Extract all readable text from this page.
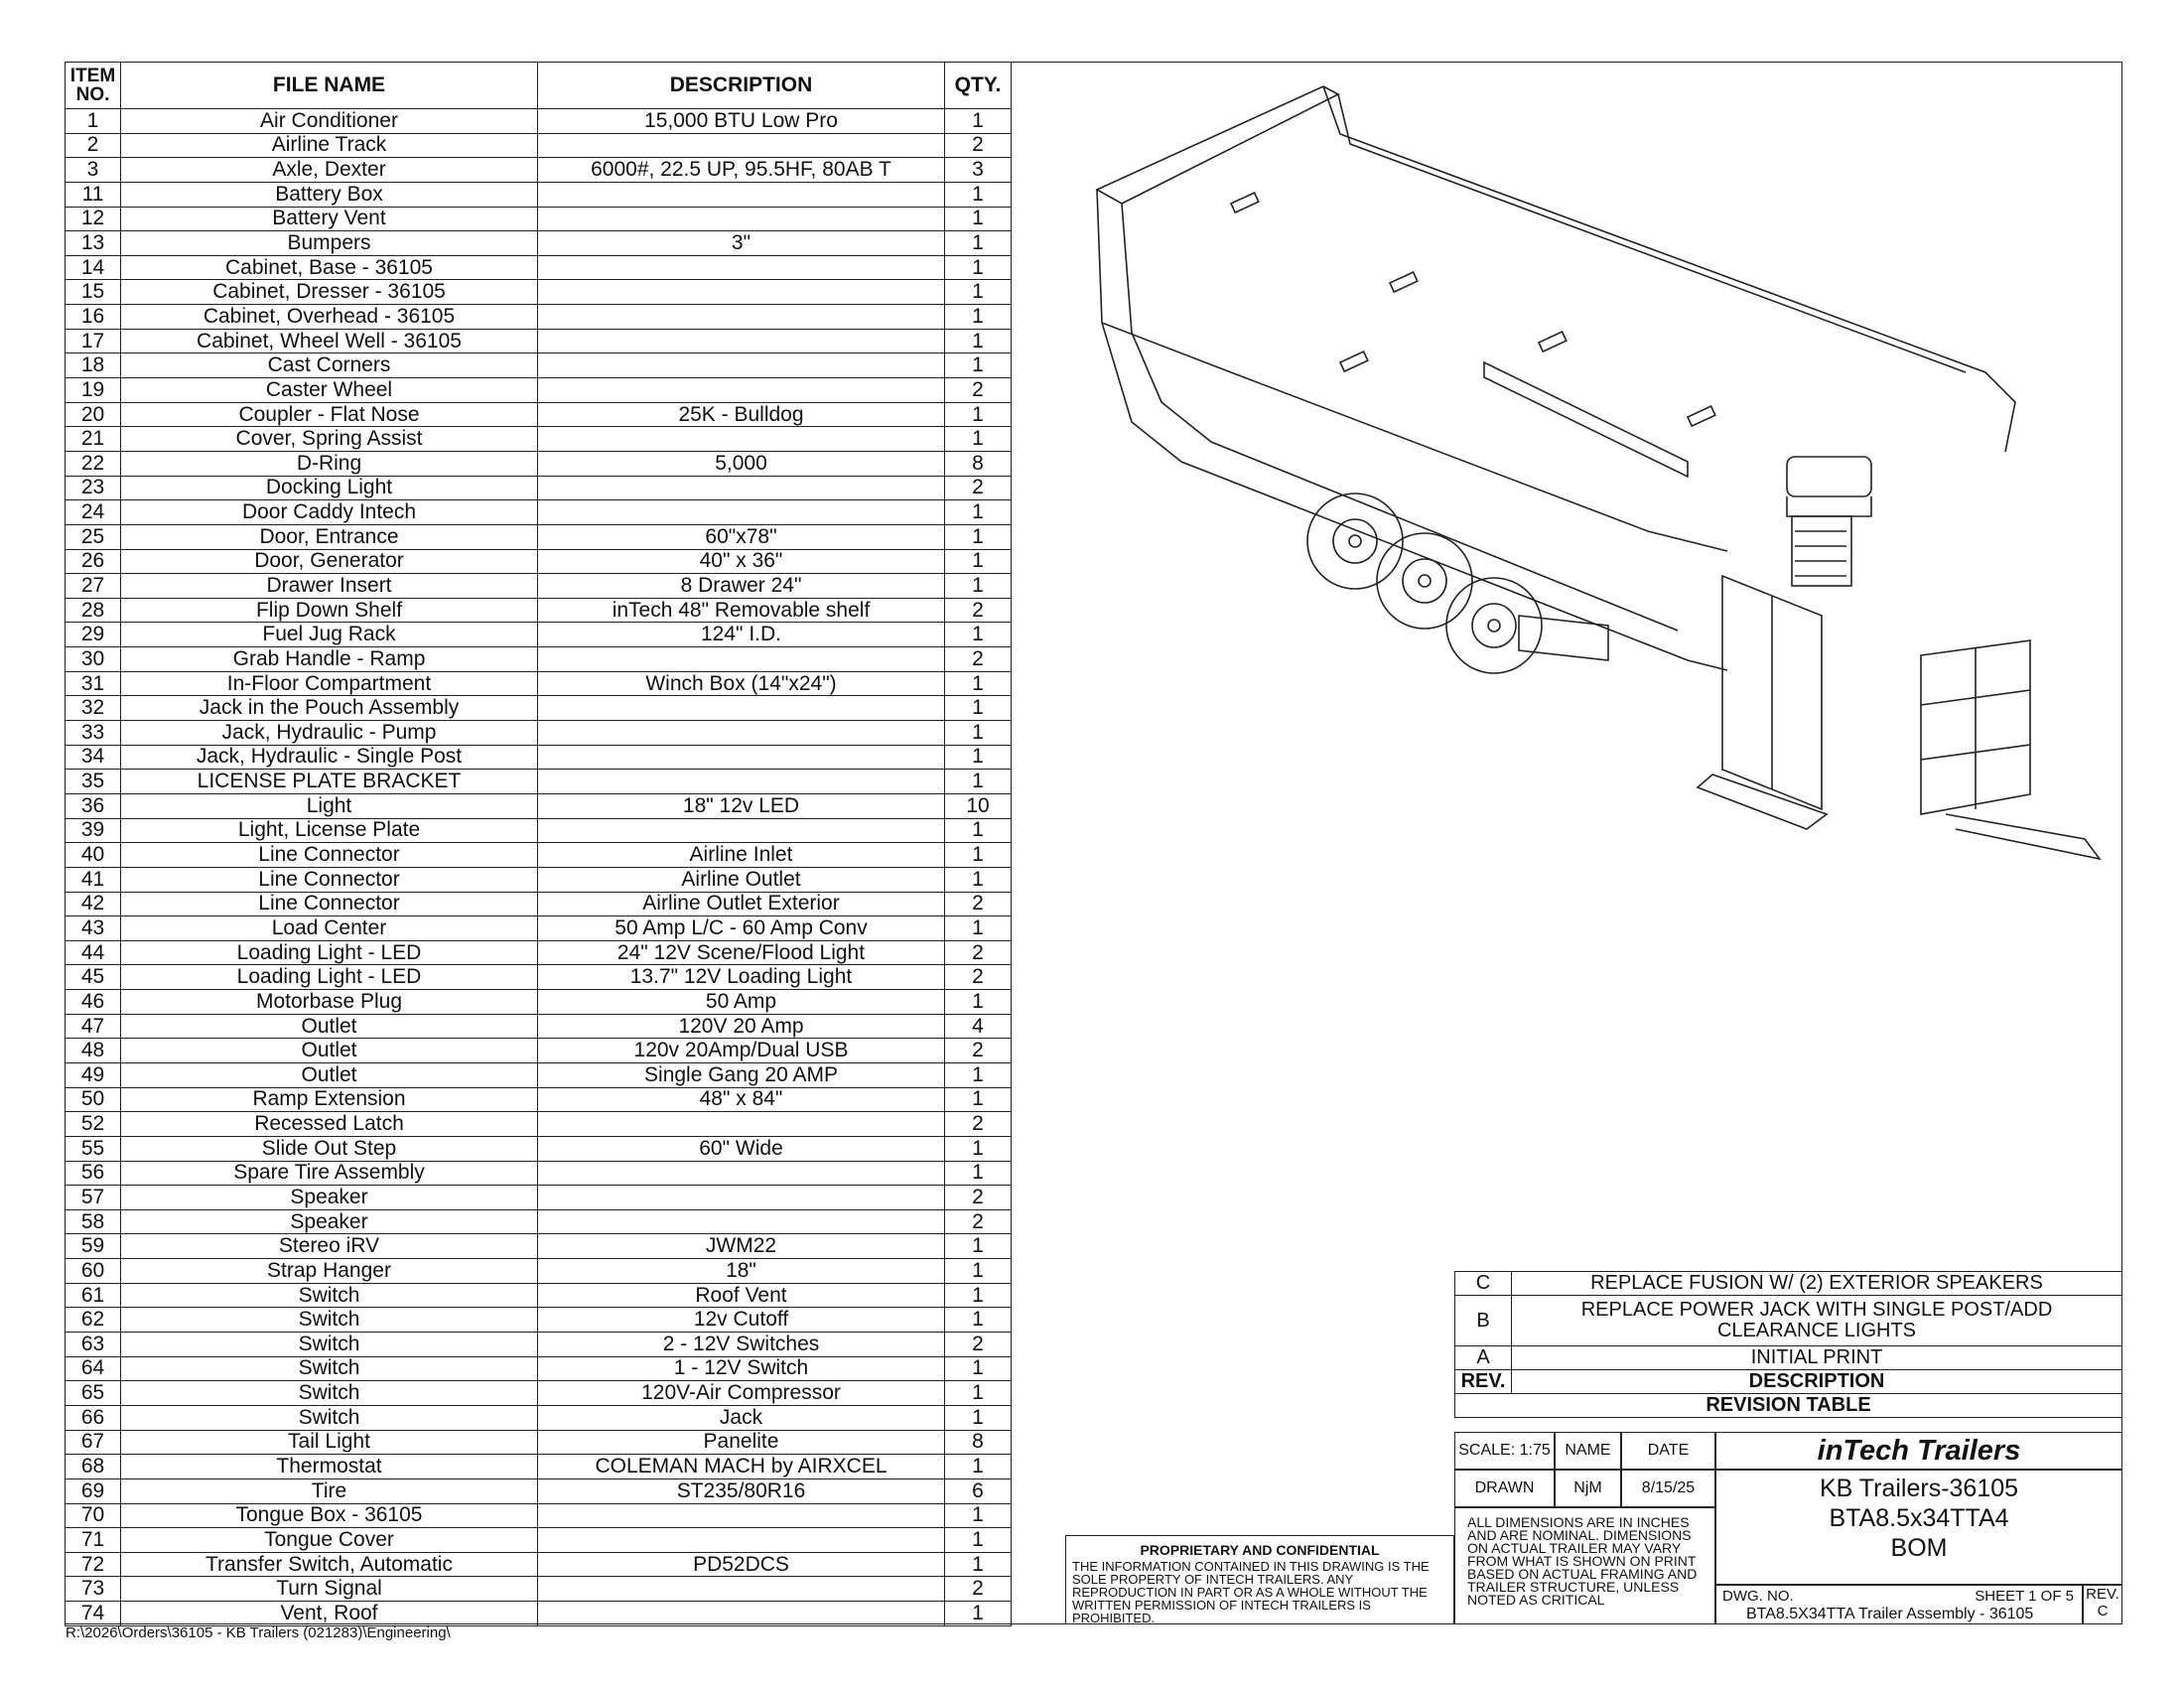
ITEM NO.	FILE NAME	DESCRIPTION	QTY.
1	Air Conditioner	15,000 BTU Low Pro	1
2	Airline Track		2
3	Axle, Dexter	6000#, 22.5 UP, 95.5HF, 80AB T	3
11	Battery Box		1
12	Battery Vent		1
13	Bumpers	3"	1
14	Cabinet, Base - 36105		1
15	Cabinet, Dresser - 36105		1
16	Cabinet, Overhead - 36105		1
17	Cabinet, Wheel Well - 36105		1
18	Cast Corners		1
19	Caster Wheel		2
20	Coupler - Flat Nose	25K - Bulldog	1
21	Cover, Spring Assist		1
22	D-Ring	5,000	8
23	Docking Light		2
24	Door Caddy Intech		1
25	Door, Entrance	60"x78"	1
26	Door, Generator	40" x 36"	1
27	Drawer Insert	8 Drawer 24"	1
28	Flip Down Shelf	inTech 48" Removable shelf	2
29	Fuel Jug Rack	124" I.D.	1
30	Grab Handle - Ramp		2
31	In-Floor Compartment	Winch Box (14"x24")	1
32	Jack in the Pouch Assembly		1
33	Jack, Hydraulic - Pump		1
34	Jack, Hydraulic - Single Post		1
35	LICENSE PLATE BRACKET		1
36	Light	18" 12v LED	10
39	Light, License Plate		1
40	Line Connector	Airline Inlet	1
41	Line Connector	Airline Outlet	1
42	Line Connector	Airline Outlet Exterior	2
43	Load Center	50 Amp L/C - 60 Amp Conv	1
44	Loading Light - LED	24" 12V Scene/Flood Light	2
45	Loading Light - LED	13.7" 12V Loading Light	2
46	Motorbase Plug	50 Amp	1
47	Outlet	120V 20 Amp	4
48	Outlet	120v 20Amp/Dual USB	2
49	Outlet	Single Gang 20 AMP	1
50	Ramp Extension	48" x 84"	1
52	Recessed Latch		2
55	Slide Out Step	60" Wide	1
56	Spare Tire Assembly		1
57	Speaker		2
58	Speaker		2
59	Stereo iRV	JWM22	1
60	Strap Hanger	18"	1
61	Switch	Roof Vent	1
62	Switch	12v Cutoff	1
63	Switch	2 - 12V Switches	2
64	Switch	1 - 12V Switch	1
65	Switch	120V-Air Compressor	1
66	Switch	Jack	1
67	Tail Light	Panelite	8
68	Thermostat	COLEMAN MACH by AIRXCEL	1
69	Tire	ST235/80R16	6
70	Tongue Box - 36105		1
71	Tongue Cover		1
72	Transfer Switch, Automatic	PD52DCS	1
73	Turn Signal		2
74	Vent, Roof		1
R:\2026\Orders\36105 - KB Trailers (021283)\Engineering\
C	REPLACE FUSION W/ (2) EXTERIOR SPEAKERS
B	REPLACE POWER JACK WITH SINGLE POST/ADD CLEARANCE LIGHTS
A	INITIAL PRINT
REV.	DESCRIPTION
REVISION TABLE	
SCALE: 1:75 NAME	DATE	inTech Trailers
DRAWN	NjM	8/15/25	KB Trailers-36105
BTA8.5x34TTA4
BOM
ALL DIMENSIONS ARE IN INCHES AND ARE NOMINAL. DIMENSIONS ON ACTUAL TRAILER MAY VARY FROM WHAT IS SHOWN ON PRINT BASED ON ACTUAL FRAMING AND TRAILER STRUCTURE, UNLESS NOTED AS CRITICAL	DWG. NO.	SHEET 1 OF 5
BTA8.5X34TTA Trailer Assembly - 36105
REV.
C
PROPRIETARY AND CONFIDENTIAL
THE INFORMATION CONTAINED IN THIS DRAWING IS THE SOLE PROPERTY OF INTECH TRAILERS. ANY REPRODUCTION IN PART OR AS A WHOLE WITHOUT THE WRITTEN PERMISSION OF INTECH TRAILERS IS PROHIBITED.
